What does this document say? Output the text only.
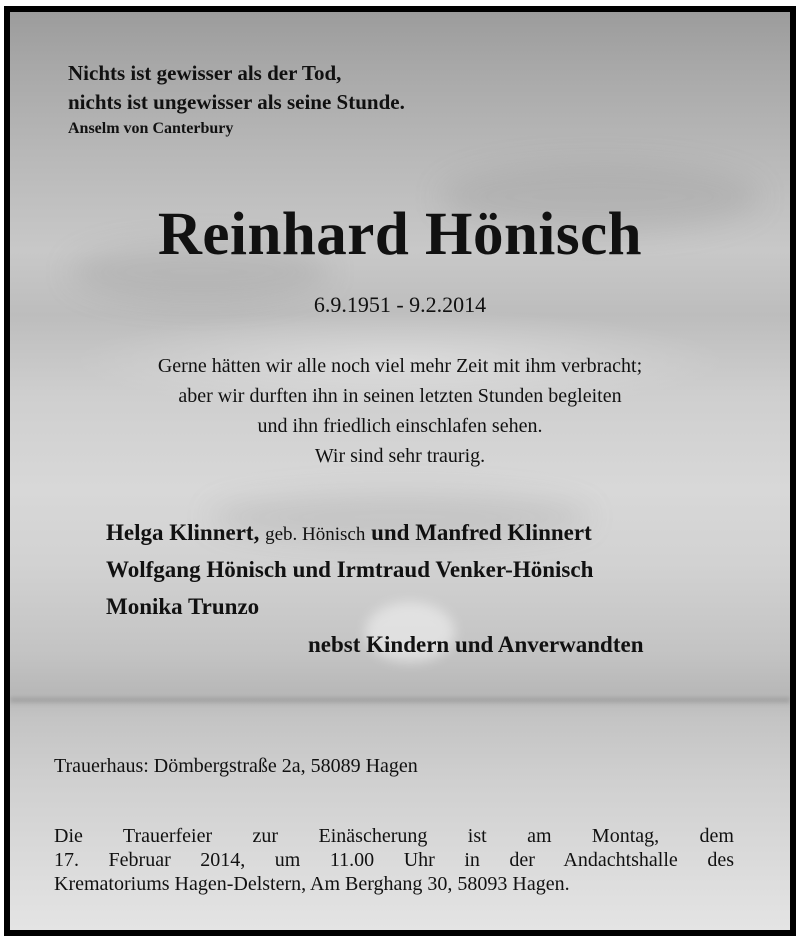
Nichts ist gewisser als der Tod,
nichts ist ungewisser als seine Stunde.
Anselm von Canterbury
Reinhard Hönisch
6.9.1951 - 9.2.2014
Gerne hätten wir alle noch viel mehr Zeit mit ihm verbracht;
aber wir durften ihn in seinen letzten Stunden begleiten
und ihn friedlich einschlafen sehen.
Wir sind sehr traurig.
Helga Klinnert, geb. Hönisch und Manfred Klinnert
Wolfgang Hönisch und Irmtraud Venker-Hönisch
Monika Trunzo
nebst Kindern und Anverwandten
Trauerhaus: Dömbergstraße 2a, 58089 Hagen
Die Trauerfeier zur Einäscherung ist am Montag, dem
17. Februar 2014, um 11.00 Uhr in der Andachtshalle des
Krematoriums Hagen-Delstern, Am Berghang 30, 58093 Hagen.
